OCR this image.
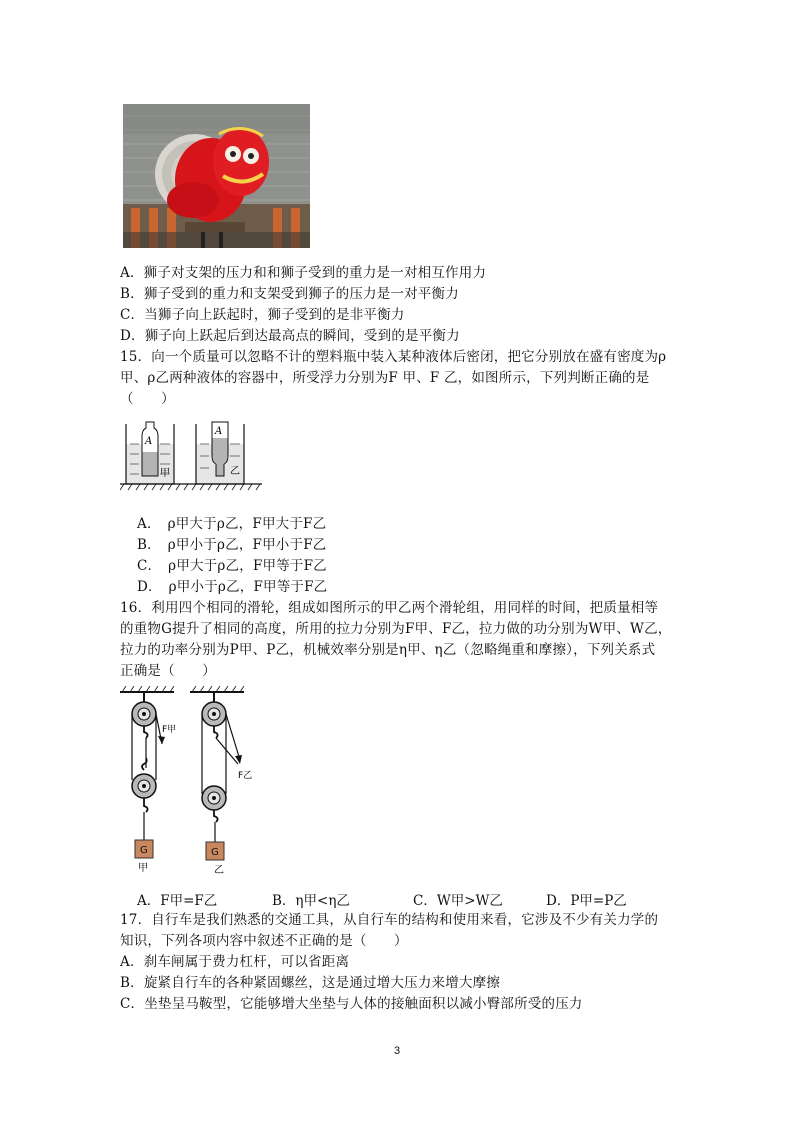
A．狮子对支架的压力和和狮子受到的重力是一对相互作用力
B．狮子受到的重力和支架受到狮子的压力是一对平衡力
C．当狮子向上跃起时，狮子受到的是非平衡力
D．狮子向上跃起后到达最高点的瞬间，受到的是平衡力
15．向一个质量可以忽略不计的塑料瓶中装入某种液体后密闭，把它分别放在盛有密度为ρ
甲、ρ乙两种液体的容器中，所受浮力分别为F 甲、F 乙，如图所示，下列判断正确的是
（　　）
A
甲
A
乙
A．　ρ甲大于ρ乙，F甲大于F乙
B．　ρ甲小于ρ乙，F甲小于F乙
C．　ρ甲大于ρ乙，F甲等于F乙
D．　ρ甲小于ρ乙，F甲等于F乙
16．利用四个相同的滑轮，组成如图所示的甲乙两个滑轮组，用同样的时间，把质量相等
的重物G提升了相同的高度，所用的拉力分别为F甲、F乙，拉力做的功分别为W甲、W乙，
拉力的功率分别为P甲、P乙，机械效率分别是η甲、η乙（忽略绳重和摩擦），下列关系式
正确是（　　）
F甲
G
甲
F乙
G
乙
A．F甲=F乙	B．η甲<η乙	C．W甲>W乙	D．P甲=P乙
17．自行车是我们熟悉的交通工具，从自行车的结构和使用来看，它涉及不少有关力学的
知识，下列各项内容中叙述不正确的是（　　）
A．刹车闸属于费力杠杆，可以省距离
B．旋紧自行车的各种紧固螺丝，这是通过增大压力来增大摩擦
C．坐垫呈马鞍型，它能够增大坐垫与人体的接触面积以减小臀部所受的压力
3
